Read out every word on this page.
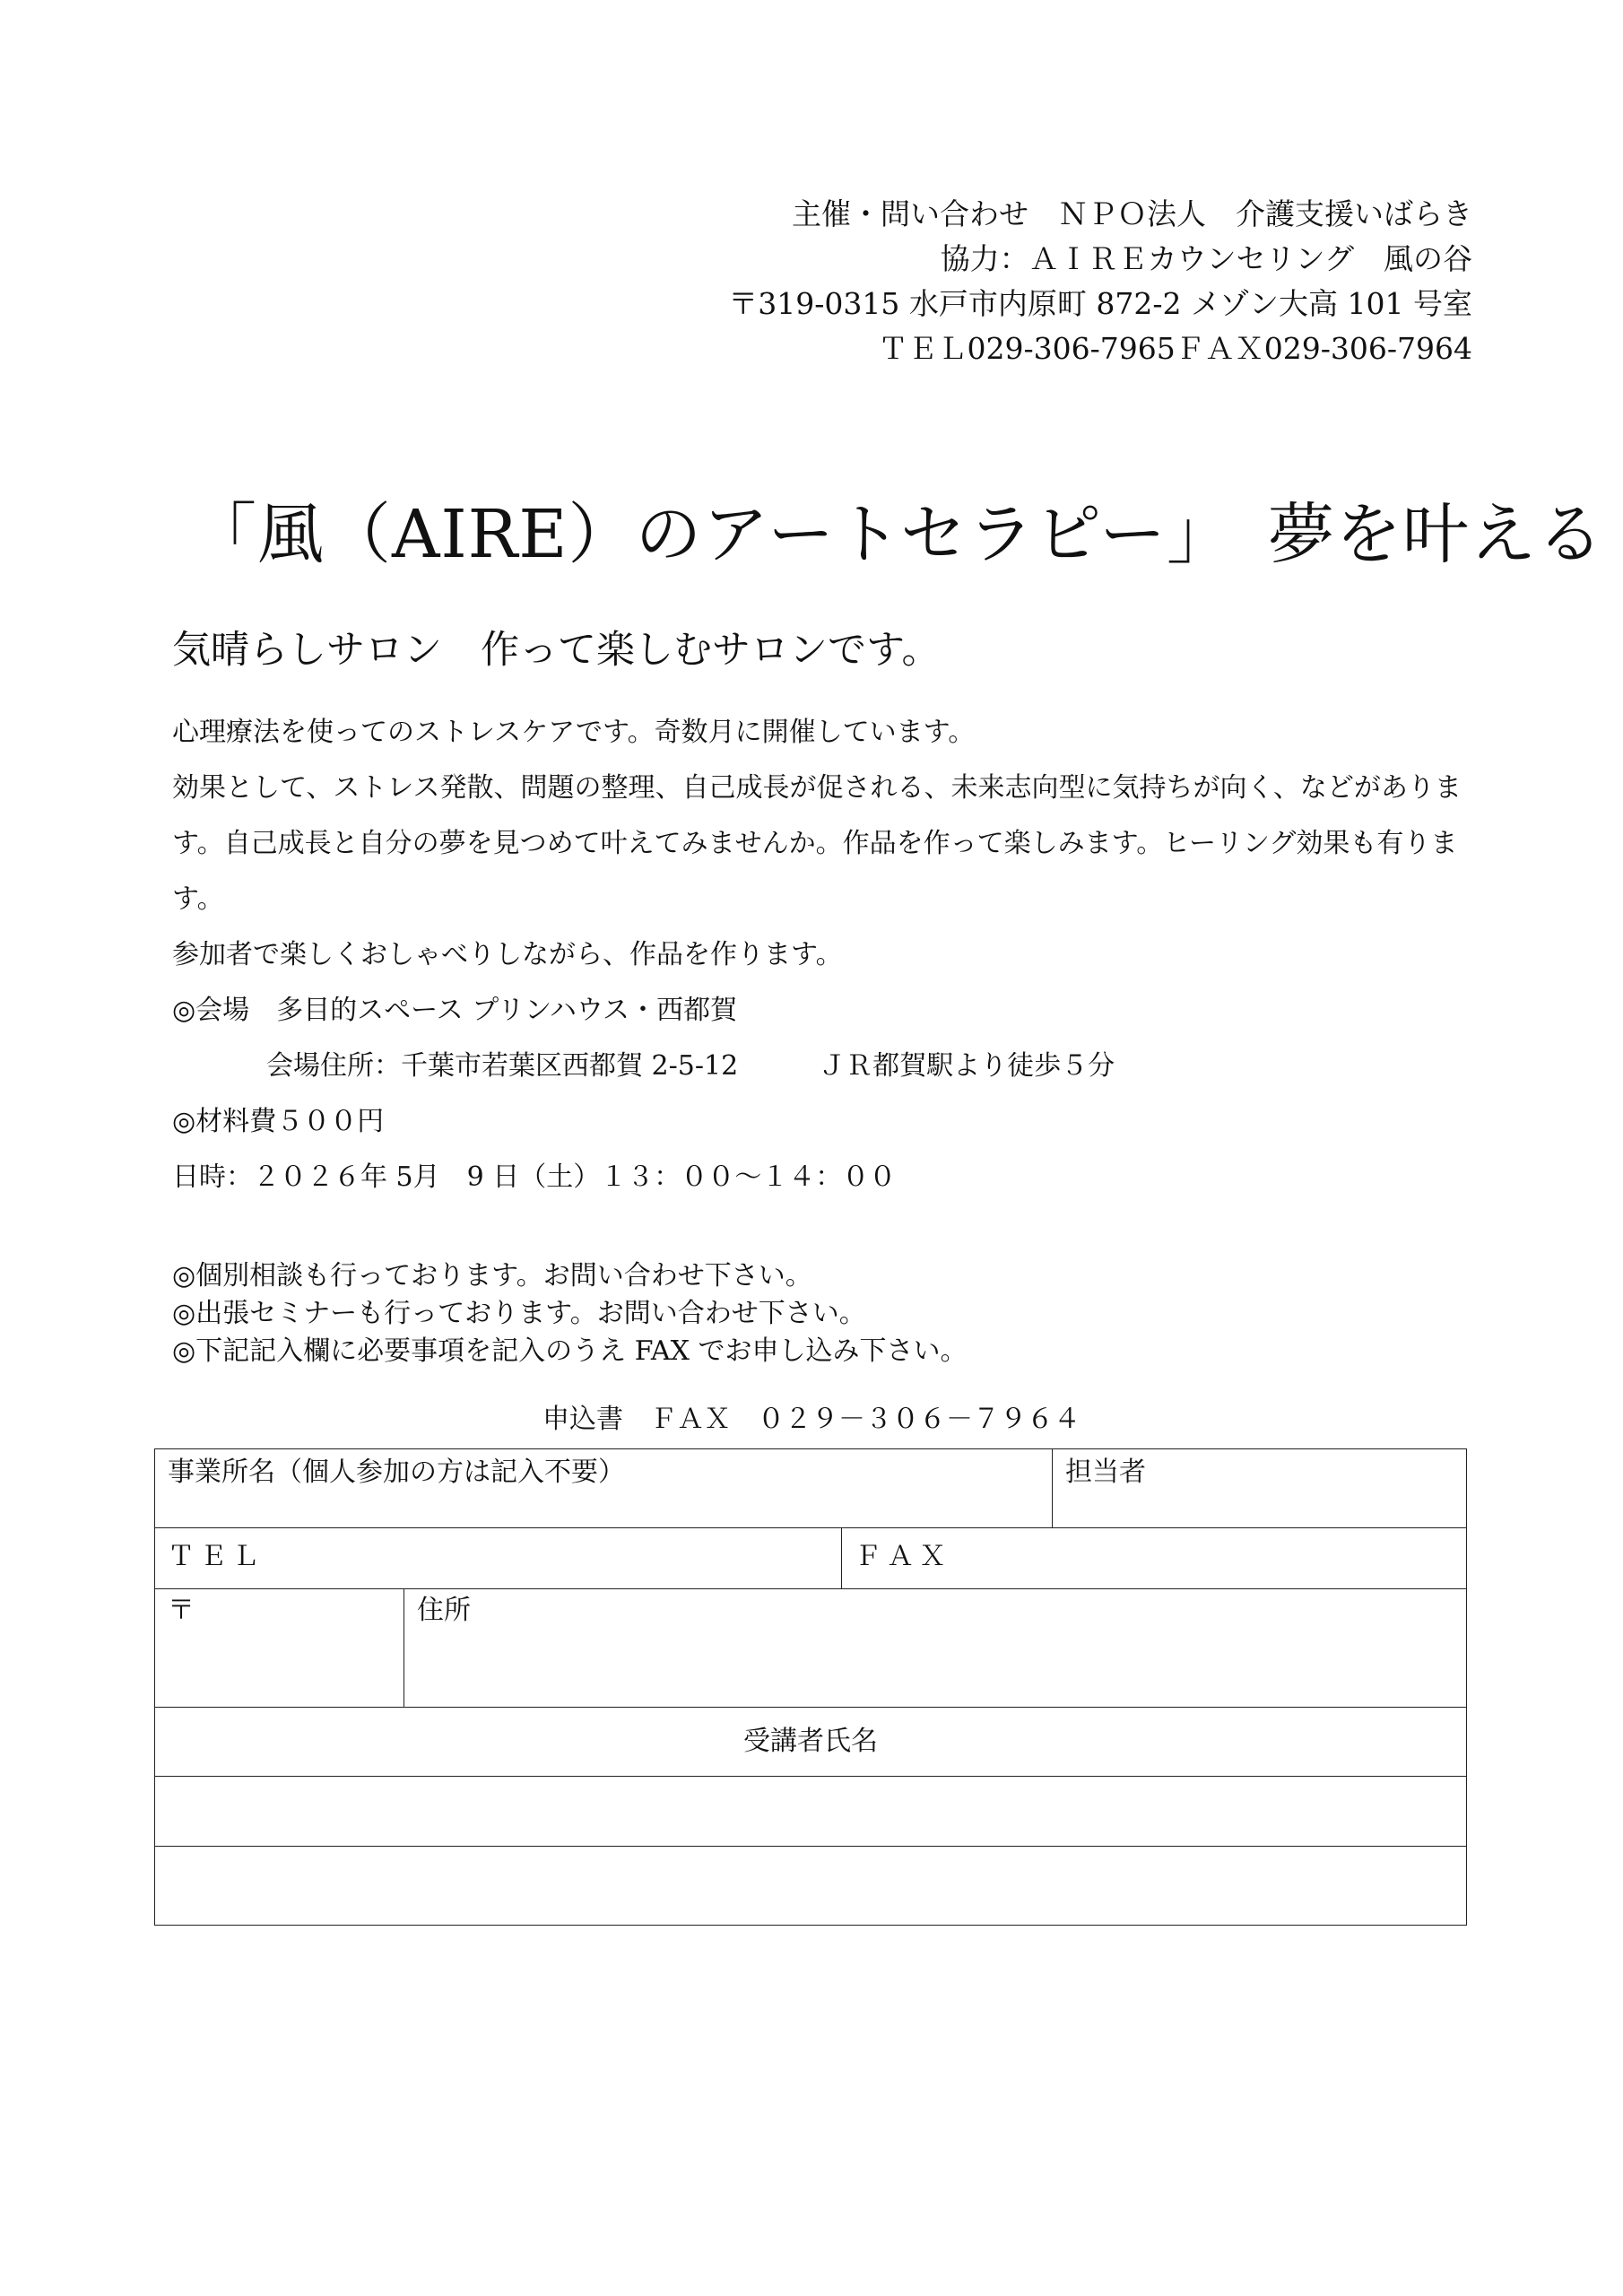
主催・問い合わせ　ＮＰＯ法人　介護支援いばらき
協力：ＡＩＲＥカウンセリング　風の谷
〒319-0315 水戸市内原町 872-2 メゾン大高 101 号室
ＴＥＬ029-306-7965ＦＡＸ029-306-7964
「風（AIRE）のアートセラピー」　夢を叶える
気晴らしサロン　作って楽しむサロンです。

心理療法を使ってのストレスケアです。奇数月に開催しています。

効果として、ストレス発散、問題の整理、自己成長が促される、未来志向型に気持ちが向く、などがあります。自己成長と自分の夢を見つめて叶えてみませんか。作品を作って楽しみます。ヒーリング効果も有ります。

参加者で楽しくおしゃべりしながら、作品を作ります。

◎会場　多目的スペース プリンハウス・西都賀

会場住所：千葉市若葉区西都賀 2-5-12	ＪＲ都賀駅より徒歩５分

◎材料費５００円

日時：２０２６年 5月　9 日（土）１３：００〜１４：００

◎個別相談も行っております。お問い合わせ下さい。

◎出張セミナーも行っております。お問い合わせ下さい。

◎下記記入欄に必要事項を記入のうえ FAX でお申し込み下さい。

申込書　ＦＡＸ　０２９－３０６－７９６４
事業所名（個人参加の方は記入不要）	担当者
ＴＥＬ	ＦＡＸ
〒	住所
受講者氏名
